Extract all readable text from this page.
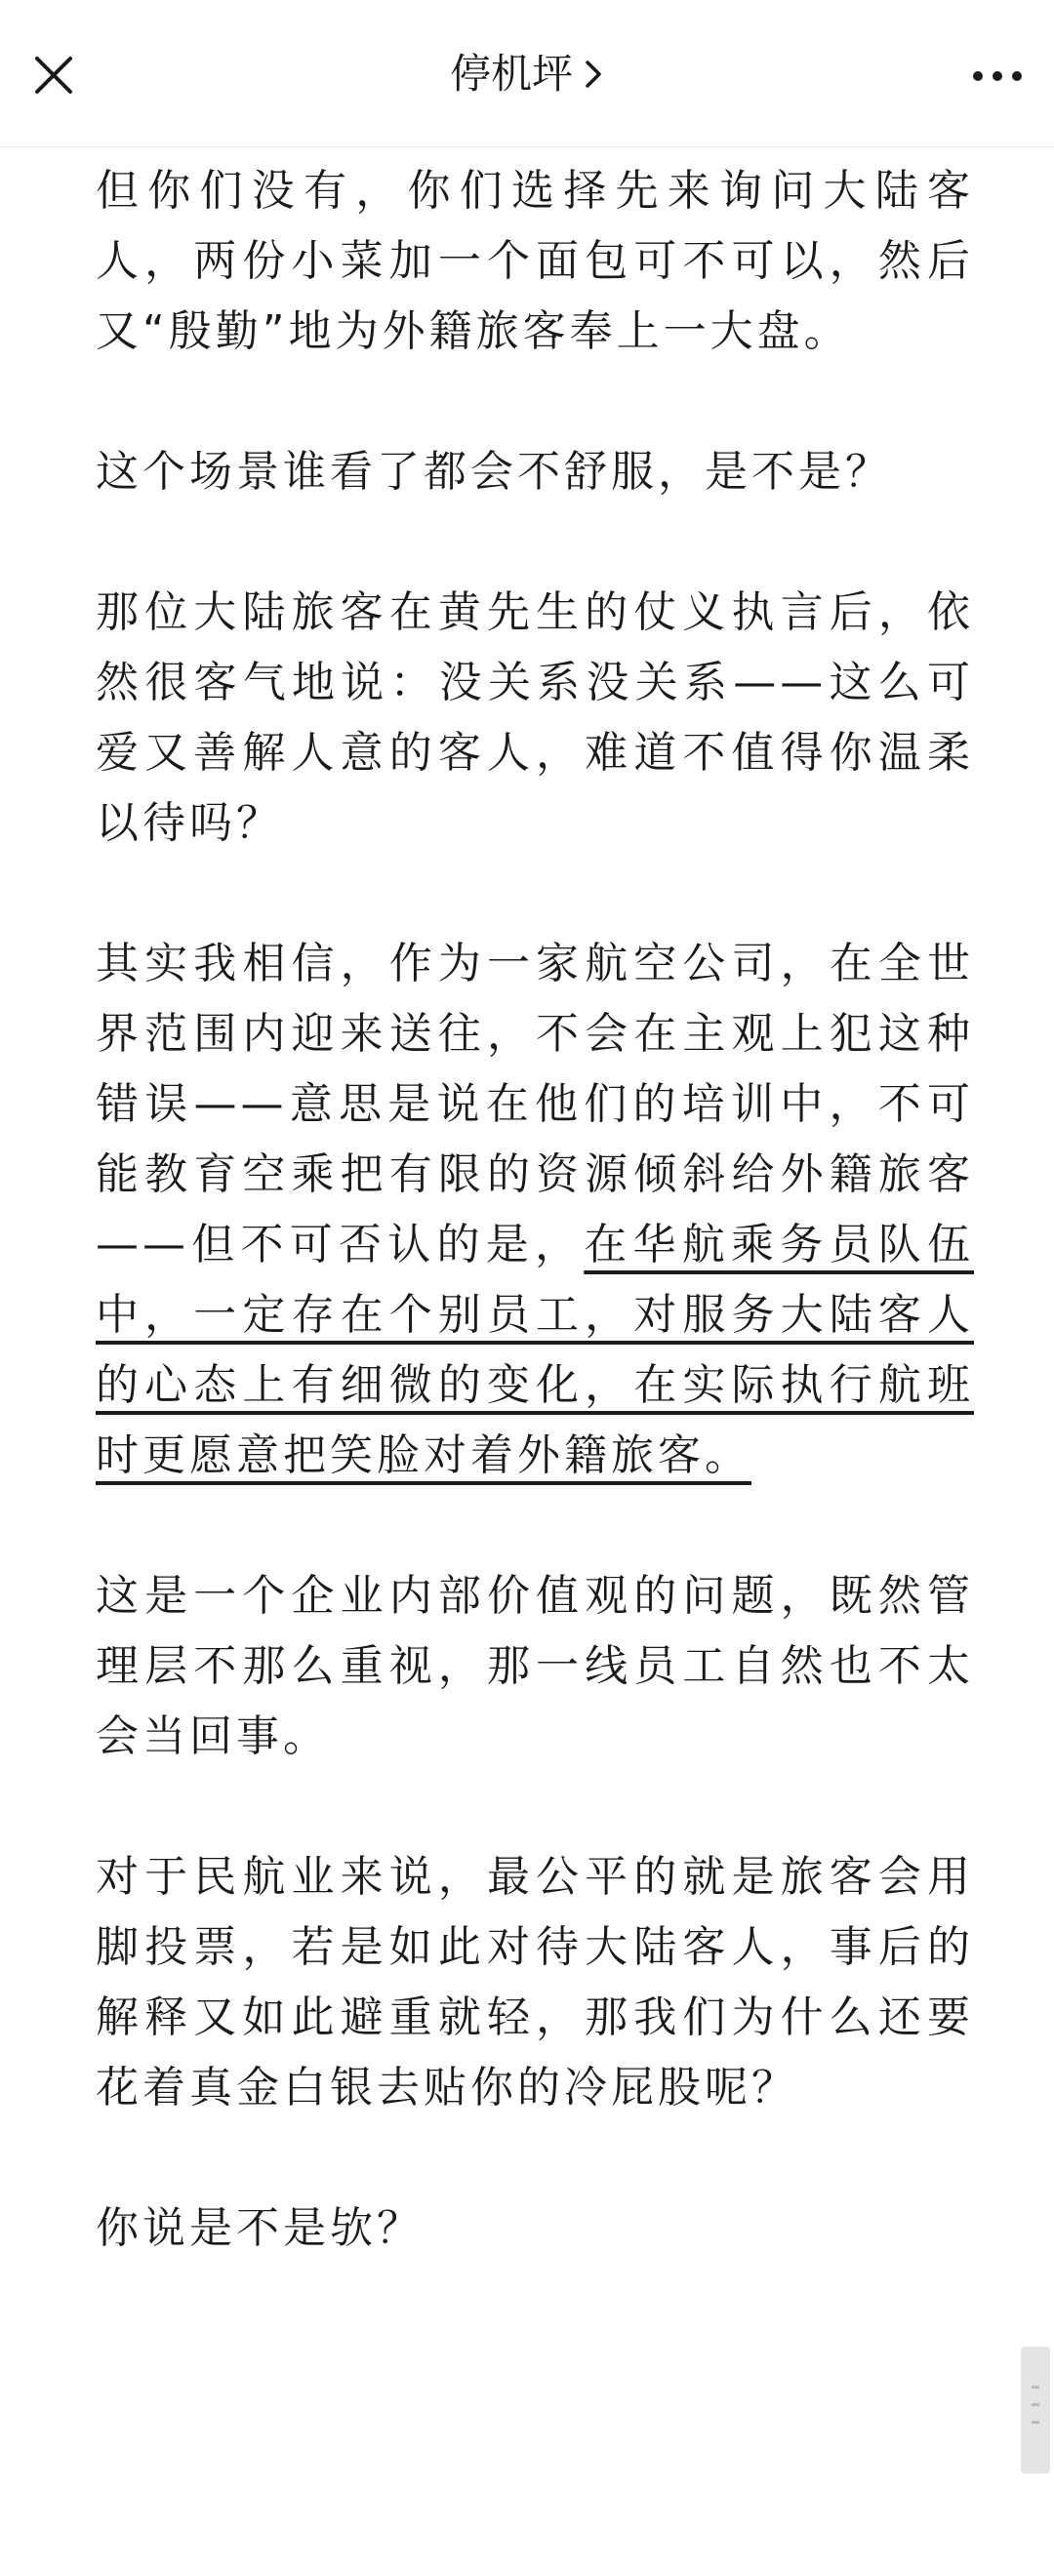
停机坪

但你们没有，你们选择先来询问大陆客人，两份小菜加一个面包可不可以，然后又“殷勤”地为外籍旅客奉上一大盘。

这个场景谁看了都会不舒服，是不是？

那位大陆旅客在黄先生的仗义执言后，依然很客气地说：没关系没关系——这么可爱又善解人意的客人，难道不值得你温柔以待吗？

其实我相信，作为一家航空公司，在全世界范围内迎来送往，不会在主观上犯这种错误——意思是说在他们的培训中，不可能教育空乘把有限的资源倾斜给外籍旅客——但不可否认的是，在华航乘务员队伍中，一定存在个别员工，对服务大陆客人的心态上有细微的变化，在实际执行航班时更愿意把笑脸对着外籍旅客。

这是一个企业内部价值观的问题，既然管理层不那么重视，那一线员工自然也不太会当回事。

对于民航业来说，最公平的就是旅客会用脚投票，若是如此对待大陆客人，事后的解释又如此避重就轻，那我们为什么还要花着真金白银去贴你的冷屁股呢？

你说是不是欤？
